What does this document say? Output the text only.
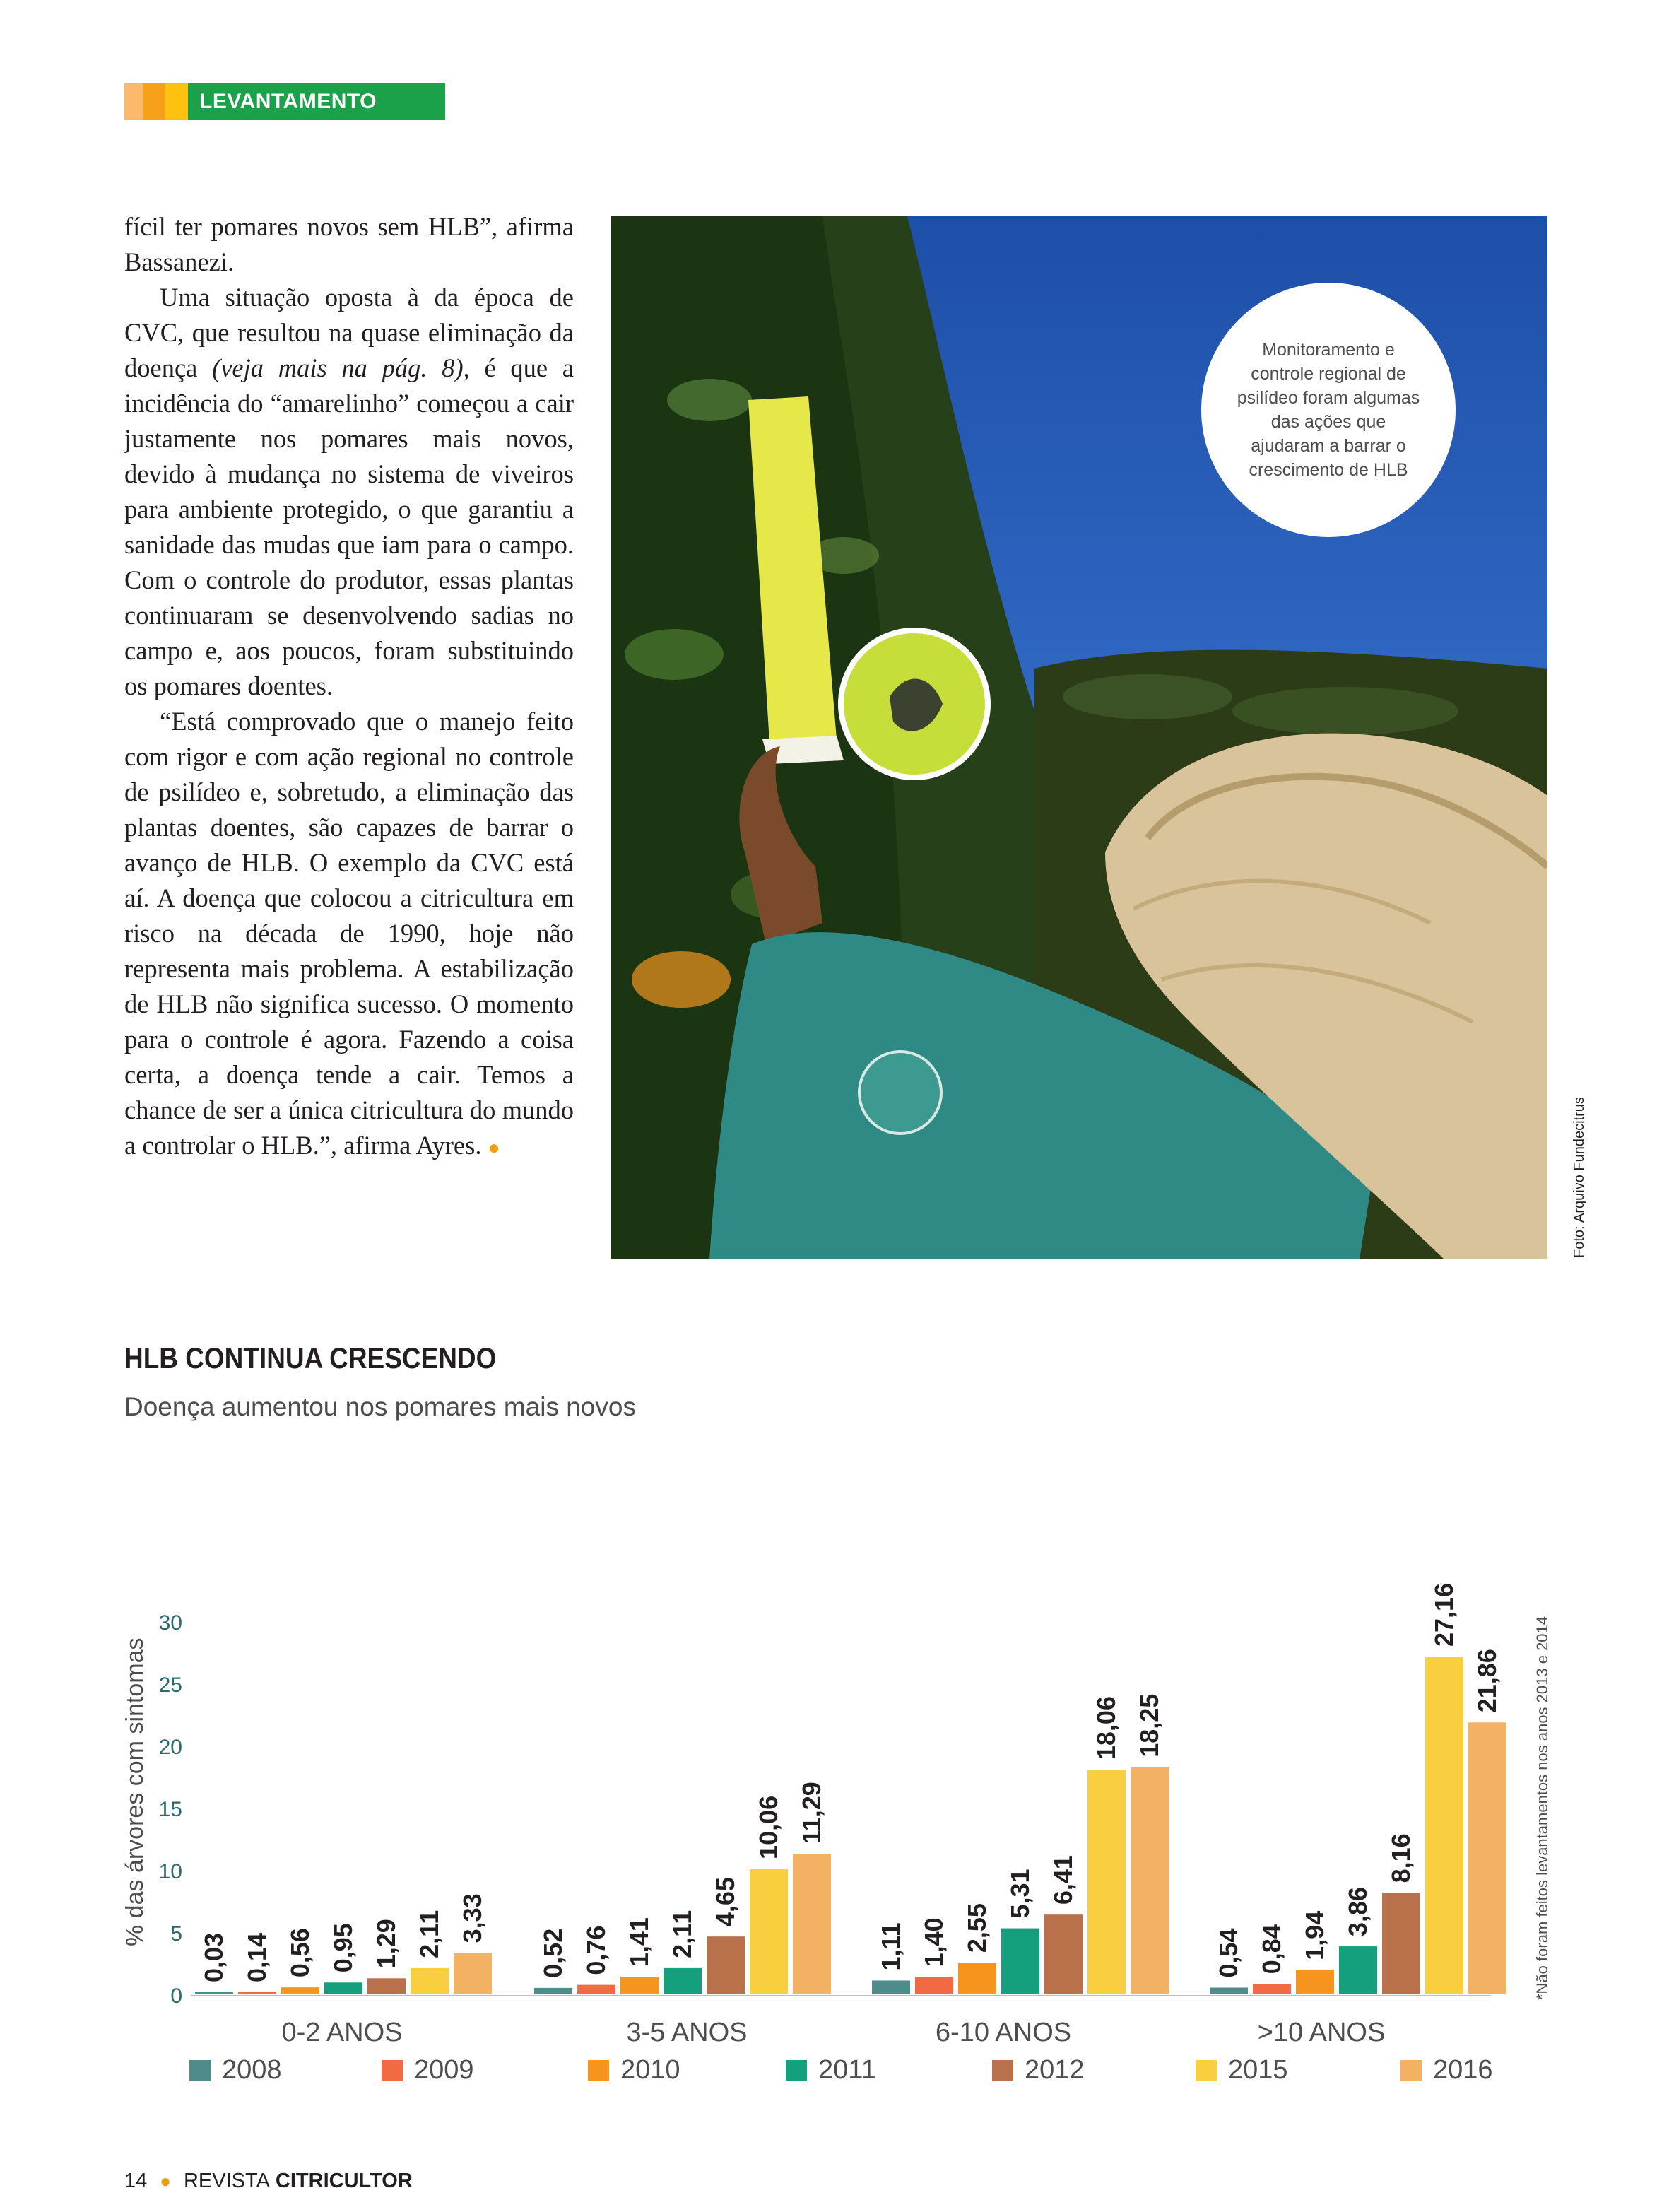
LEVANTAMENTO

fícil ter pomares novos sem HLB”, afirma Bassanezi.

Uma situação oposta à da época de CVC, que resultou na quase eliminação da doença (veja mais na pág. 8), é que a incidência do “amarelinho” começou a cair justamente nos pomares mais novos, devido à mudança no sistema de viveiros para ambiente protegido, o que garantiu a sanidade das mudas que iam para o campo. Com o controle do produtor, essas plantas continuaram se desenvolvendo sadias no campo e, aos poucos, foram substituindo os pomares doentes.

“Está comprovado que o manejo feito com rigor e com ação regional no controle de psilídeo e, sobretudo, a eliminação das plantas doentes, são capazes de barrar o avanço de HLB. O exemplo da CVC está aí. A doença que colocou a citricultura em risco na década de 1990, hoje não representa mais problema. A estabilização de HLB não significa sucesso. O momento para o controle é agora. Fazendo a coisa certa, a doença tende a cair. Temos a chance de ser a única citricultura do mundo a controlar o HLB.”, afirma Ayres. ●

Monitoramento e controle regional de psilídeo foram algumas das ações que ajudaram a barrar o crescimento de HLB
Foto: Arquivo Fundecitrus
HLB CONTINUA CRESCENDO
Doença aumentou nos pomares mais novos
% das árvores com sintomas	*Não foram feitos levantamentos nos anos 2013 e 2014
0
5
10
15
20
25
30
0,03 0,14 0,56 0,95 1,29 2,11 3,33
0-2 ANOS
0,52 0,76 1,41 2,11
4,65
10,06 11,29
3-5 ANOS
1,11 1,40 2,55
5,31 6,41
18,06 18,25
6-10 ANOS
0,54 0,84 1,94 3,86
8,16
27,16
21,86
>10 ANOS
2008	2009	2010	2011	2012	2015	2016
14 ● REVISTA CITRICULTOR
